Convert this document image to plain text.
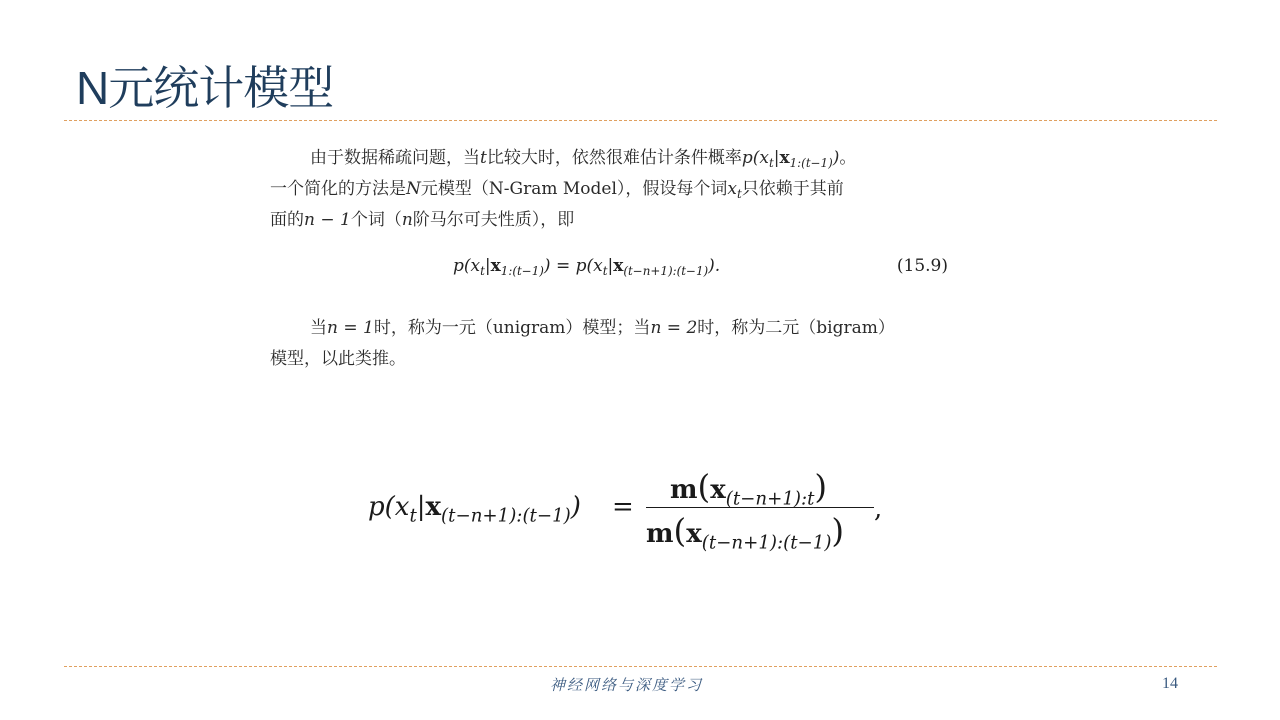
N元统计模型
由于数据稀疏问题，当t比较大时，依然很难估计条件概率$p(x_t|x_{1:(t-1)})$。
一个简化的方法是N元模型（N-Gram Model），假设每个词$x_t$只依赖于其前
面的n − 1个词（n阶马尔可夫性质），即
$p(x_t|x_{1:(t-1)}) = p(x_t|x_{(t-n+1):(t-1)})$.	(15.9)
当n = 1时，称为一元（unigram）模型；当n = 2时，称为二元（bigram）
模型，以此类推。
$p(x_t|x_{(t-n+1):(t-1)})$ =
$m(x_{(t-n+1):t})$
$m(x_{(t-n+1):(t-1)})$
,
神经网络与深度学习	14
